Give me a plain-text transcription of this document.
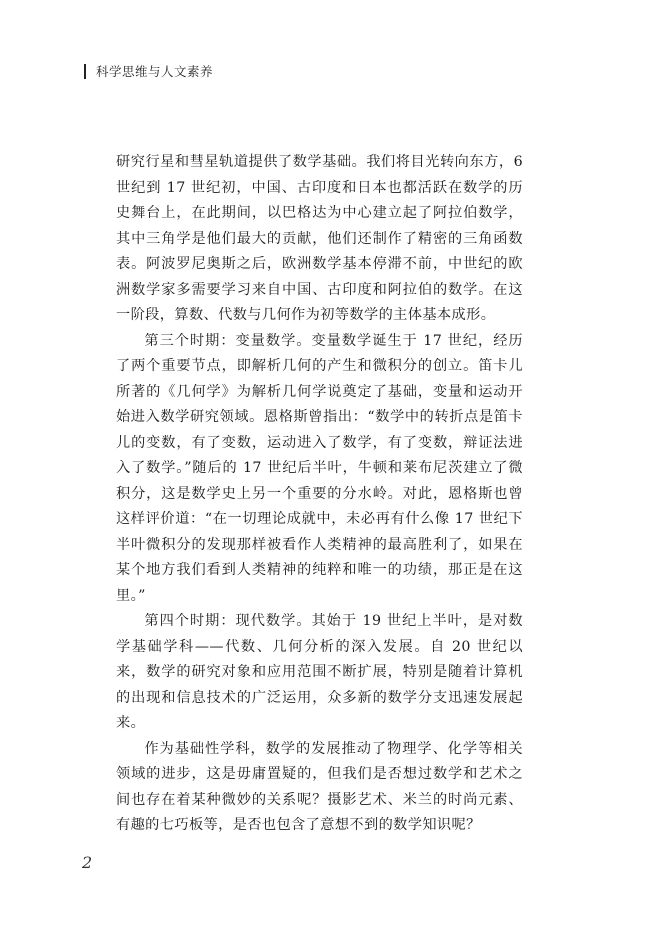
科学思维与人文素养

研究行星和彗星轨道提供了数学基础。我们将目光转向东方，6 世纪到 17 世纪初，中国、古印度和日本也都活跃在数学的历史舞台上，在此期间，以巴格达为中心建立起了阿拉伯数学，其中三角学是他们最大的贡献，他们还制作了精密的三角函数表。阿波罗尼奥斯之后，欧洲数学基本停滞不前，中世纪的欧洲数学家多需要学习来自中国、古印度和阿拉伯的数学。在这一阶段，算数、代数与几何作为初等数学的主体基本成形。

第三个时期：变量数学。变量数学诞生于 17 世纪，经历了两个重要节点，即解析几何的产生和微积分的创立。笛卡儿所著的《几何学》为解析几何学说奠定了基础，变量和运动开始进入数学研究领域。恩格斯曾指出：“数学中的转折点是笛卡儿的变数，有了变数，运动进入了数学，有了变数，辩证法进入了数学。”随后的 17 世纪后半叶，牛顿和莱布尼茨建立了微积分，这是数学史上另一个重要的分水岭。对此，恩格斯也曾这样评价道：“在一切理论成就中，未必再有什么像 17 世纪下半叶微积分的发现那样被看作人类精神的最高胜利了，如果在某个地方我们看到人类精神的纯粹和唯一的功绩，那正是在这里。”

第四个时期：现代数学。其始于 19 世纪上半叶，是对数学基础学科——代数、几何分析的深入发展。自 20 世纪以来，数学的研究对象和应用范围不断扩展，特别是随着计算机的出现和信息技术的广泛运用，众多新的数学分支迅速发展起来。

作为基础性学科，数学的发展推动了物理学、化学等相关领域的进步，这是毋庸置疑的，但我们是否想过数学和艺术之间也存在着某种微妙的关系呢？摄影艺术、米兰的时尚元素、有趣的七巧板等，是否也包含了意想不到的数学知识呢？

2
